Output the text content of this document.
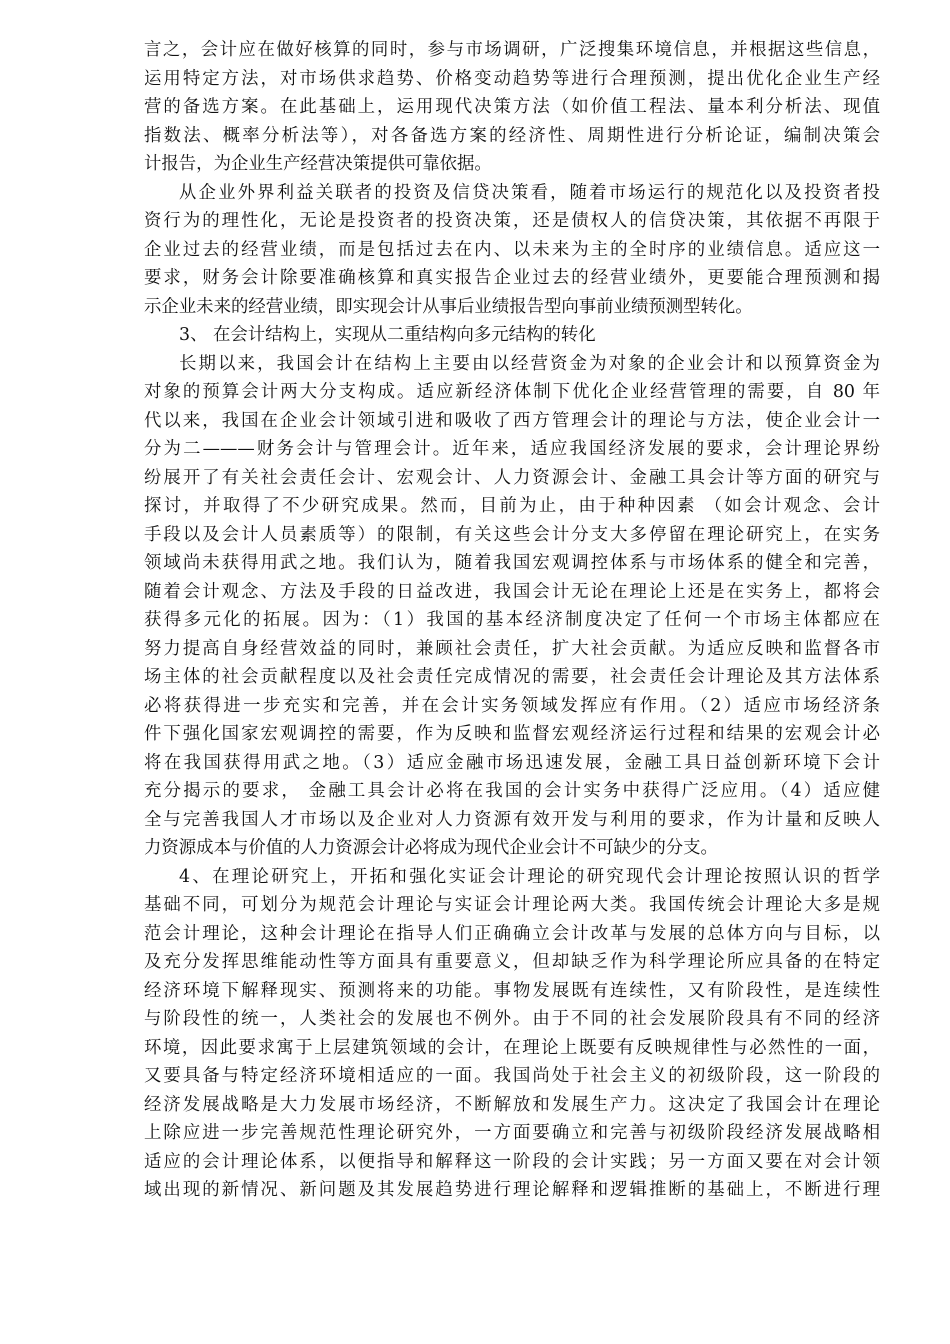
言之，会计应在做好核算的同时，参与市场调研，广泛搜集环境信息，并根据这些信息，
运用特定方法，对市场供求趋势、价格变动趋势等进行合理预测，提出优化企业生产经
营的备选方案。在此基础上，运用现代决策方法（如价值工程法、量本利分析法、现值
指数法、概率分析法等），对各备选方案的经济性、周期性进行分析论证，编制决策会
计报告，为企业生产经营决策提供可靠依据。
从企业外界利益关联者的投资及信贷决策看，随着市场运行的规范化以及投资者投
资行为的理性化，无论是投资者的投资决策，还是债权人的信贷决策，其依据不再限于
企业过去的经营业绩，而是包括过去在内、以未来为主的全时序的业绩信息。适应这一
要求，财务会计除要准确核算和真实报告企业过去的经营业绩外，更要能合理预测和揭
示企业未来的经营业绩，即实现会计从事后业绩报告型向事前业绩预测型转化。
3、 在会计结构上，实现从二重结构向多元结构的转化
长期以来，我国会计在结构上主要由以经营资金为对象的企业会计和以预算资金为
对象的预算会计两大分支构成。适应新经济体制下优化企业经营管理的需要，自 80 年
代以来，我国在企业会计领域引进和吸收了西方管理会计的理论与方法，使企业会计一
分为二———财务会计与管理会计。近年来，适应我国经济发展的要求，会计理论界纷
纷展开了有关社会责任会计、宏观会计、人力资源会计、金融工具会计等方面的研究与
探讨，并取得了不少研究成果。然而，目前为止，由于种种因素 （如会计观念、会计
手段以及会计人员素质等）的限制，有关这些会计分支大多停留在理论研究上，在实务
领域尚未获得用武之地。我们认为，随着我国宏观调控体系与市场体系的健全和完善，
随着会计观念、方法及手段的日益改进，我国会计无论在理论上还是在实务上，都将会
获得多元化的拓展。因为：（1）我国的基本经济制度决定了任何一个市场主体都应在
努力提高自身经营效益的同时，兼顾社会责任，扩大社会贡献。为适应反映和监督各市
场主体的社会贡献程度以及社会责任完成情况的需要，社会责任会计理论及其方法体系
必将获得进一步充实和完善，并在会计实务领域发挥应有作用。（2）适应市场经济条
件下强化国家宏观调控的需要，作为反映和监督宏观经济运行过程和结果的宏观会计必
将在我国获得用武之地。（3）适应金融市场迅速发展，金融工具日益创新环境下会计
充分揭示的要求， 金融工具会计必将在我国的会计实务中获得广泛应用。（4）适应健
全与完善我国人才市场以及企业对人力资源有效开发与利用的要求，作为计量和反映人
力资源成本与价值的人力资源会计必将成为现代企业会计不可缺少的分支。
4、在理论研究上，开拓和强化实证会计理论的研究现代会计理论按照认识的哲学
基础不同，可划分为规范会计理论与实证会计理论两大类。我国传统会计理论大多是规
范会计理论，这种会计理论在指导人们正确确立会计改革与发展的总体方向与目标，以
及充分发挥思维能动性等方面具有重要意义，但却缺乏作为科学理论所应具备的在特定
经济环境下解释现实、预测将来的功能。事物发展既有连续性，又有阶段性，是连续性
与阶段性的统一，人类社会的发展也不例外。由于不同的社会发展阶段具有不同的经济
环境，因此要求寓于上层建筑领域的会计，在理论上既要有反映规律性与必然性的一面，
又要具备与特定经济环境相适应的一面。我国尚处于社会主义的初级阶段，这一阶段的
经济发展战略是大力发展市场经济，不断解放和发展生产力。这决定了我国会计在理论
上除应进一步完善规范性理论研究外，一方面要确立和完善与初级阶段经济发展战略相
适应的会计理论体系，以便指导和解释这一阶段的会计实践；另一方面又要在对会计领
域出现的新情况、新问题及其发展趋势进行理论解释和逻辑推断的基础上，不断进行理
